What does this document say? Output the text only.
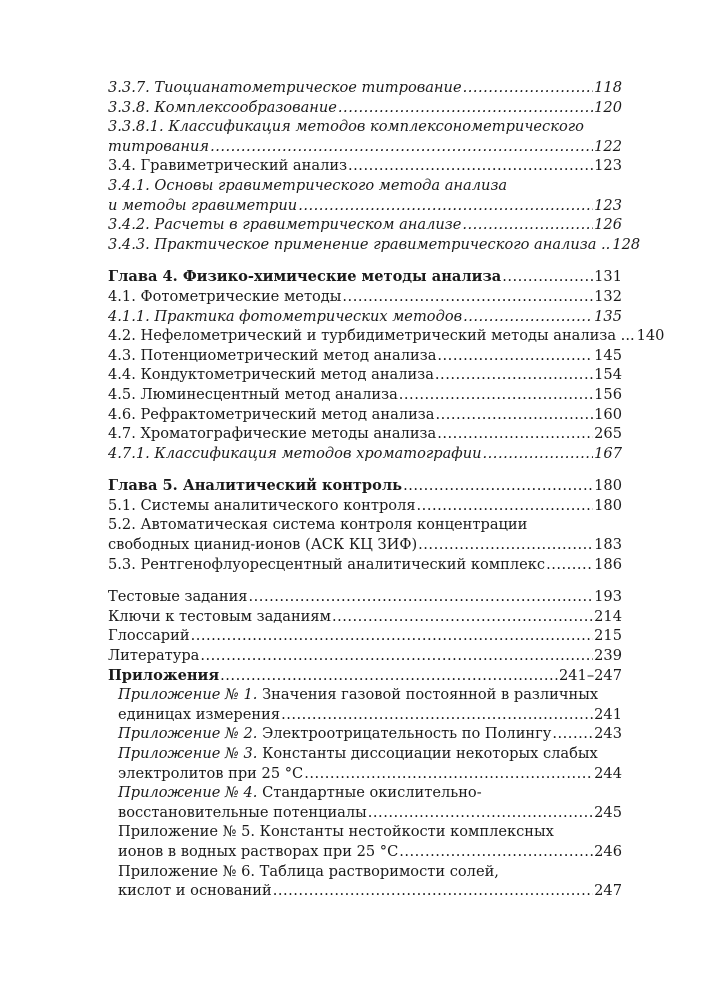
3.3.7. Тиоцианатометрическое титрование .....	118
3.3.8. Комплексообразование .....	120
3.3.8.1. Классификация методов комплексонометрического
титрования .....	122
3.4. Гравиметрический анализ .....	123
3.4.1. Основы гравиметрического метода анализа
и методы гравиметрии .....	123
3.4.2. Расчеты в гравиметрическом анализе .....	126
3.4.3. Практическое применение гравиметрического анализа .. 128
Глава 4. Физико-химические методы анализа .....	131
4.1. Фотометрические методы .....	132
4.1.1. Практика фотометрических методов .....	135
4.2. Нефелометрический и турбидиметрический методы анализа ... 140
4.3. Потенциометрический метод анализа .....	145
4.4. Кондуктометрический метод анализа .....	154
4.5. Люминесцентный метод анализа .....	156
4.6. Рефрактометрический метод анализа .....	160
4.7. Хроматографические методы анализа .....	265
4.7.1. Классификация методов хроматографии .....	167
Глава 5. Аналитический контроль .....	180
5.1. Системы аналитического контроля .....	180
5.2. Автоматическая система контроля концентрации
свободных цианид-ионов (АСК КЦ ЗИФ) .....	183
5.3. Рентгенофлуоресцентный аналитический комплекс .....	186
Тестовые задания .....	193
Ключи к тестовым заданиям .....	214
Глоссарий .....	215
Литература .....	239
Приложения .....	241–247
Приложение № 1. Значения газовой постоянной в различных
единицах измерения .....	241
Приложение № 2. Электроотрицательность по Полингу .....	243
Приложение № 3. Константы диссоциации некоторых слабых
электролитов при 25 °С .....	244
Приложение № 4. Стандартные окислительно-
восстановительные потенциалы .....	245
Приложение № 5. Константы нестойкости комплексных
ионов в водных растворах при 25 °С .....	246
Приложение № 6. Таблица растворимости солей,
кислот и оснований .....	247
